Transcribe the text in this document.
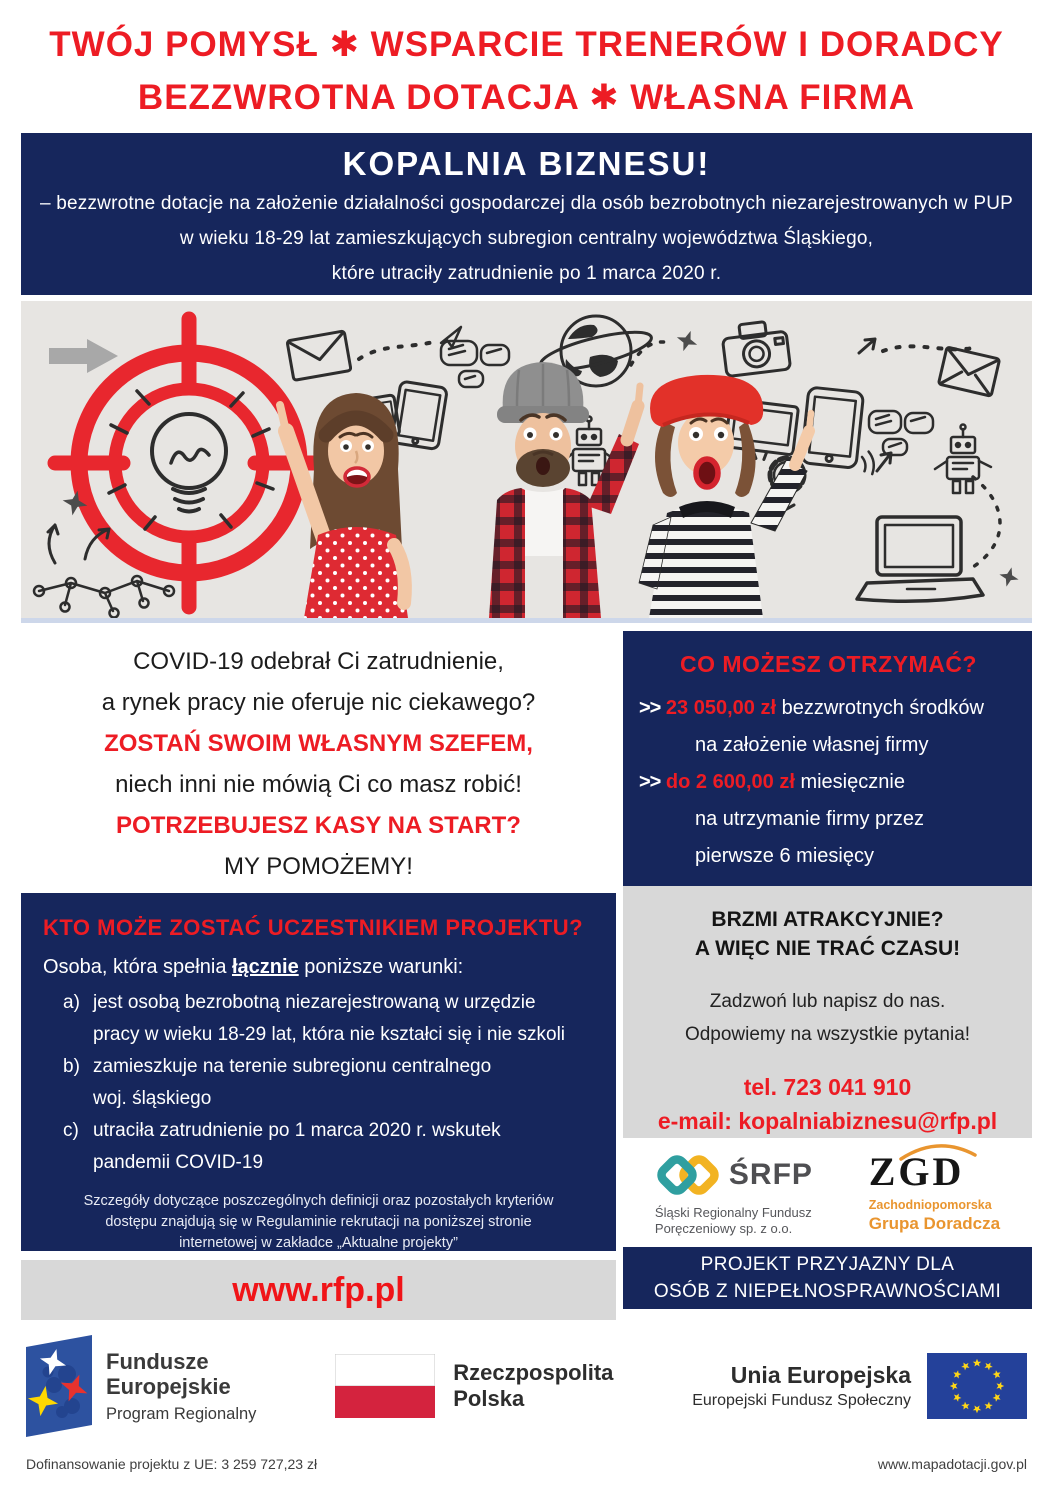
TWÓJ POMYSŁ ✱ WSPARCIE TRENERÓW I DORADCY
BEZZWROTNA DOTACJA ✱ WŁASNA FIRMA
KOPALNIA BIZNESU!
– bezzwrotne dotacje na założenie działalności gospodarczej dla osób bezrobotnych niezarejestrowanych w PUP
w wieku 18-29 lat zamieszkujących subregion centralny województwa Śląskiego,
które utraciły zatrudnienie po 1 marca 2020 r.
COVID-19 odebrał Ci zatrudnienie,
a rynek pracy nie oferuje nic ciekawego?
ZOSTAŃ SWOIM WŁASNYM SZEFEM,
niech inni nie mówią Ci co masz robić!
POTRZEBUJESZ KASY NA START?
MY POMOŻEMY!
KTO MOŻE ZOSTAĆ UCZESTNIKIEM PROJEKTU?
Osoba, która spełnia łącznie poniższe warunki:
a) jest osobą bezrobotną niezarejestrowaną w urzędzie
pracy w wieku 18-29 lat, która nie kształci się i nie szkoli
b) zamieszkuje na terenie subregionu centralnego
woj. śląskiego
c) utraciła zatrudnienie po 1 marca 2020 r. wskutek
pandemii COVID-19
Szczegóły dotyczące poszczególnych definicji oraz pozostałych kryteriów
dostępu znajdują się w Regulaminie rekrutacji na poniższej stronie
internetowej w zakładce „Aktualne projekty”
www.rfp.pl
CO MOŻESZ OTRZYMAĆ?
>> 23 050,00 zł bezzwrotnych środków
na założenie własnej firmy
>> do 2 600,00 zł miesięcznie
na utrzymanie firmy przez
pierwsze 6 miesięcy
BRZMI ATRAKCYJNIE?
A WIĘC NIE TRAĆ CZASU!
Zadzwoń lub napisz do nas.
Odpowiemy na wszystkie pytania!
tel. 723 041 910
e-mail: kopalniabiznesu@rfp.pl
ŚRFP
Śląski Regionalny Fundusz
Poręczeniowy sp. z o.o.
ZGD
Zachodniopomorska
Grupa Doradcza
PROJEKT PRZYJAZNY DLA
OSÓB Z NIEPEŁNOSPRAWNOŚCIAMI
Fundusze
Europejskie
Program Regionalny
Rzeczpospolita
Polska
Unia Europejska
Europejski Fundusz Społeczny
Dofinansowanie projektu z UE: 3 259 727,23 zł	www.mapadotacji.gov.pl
